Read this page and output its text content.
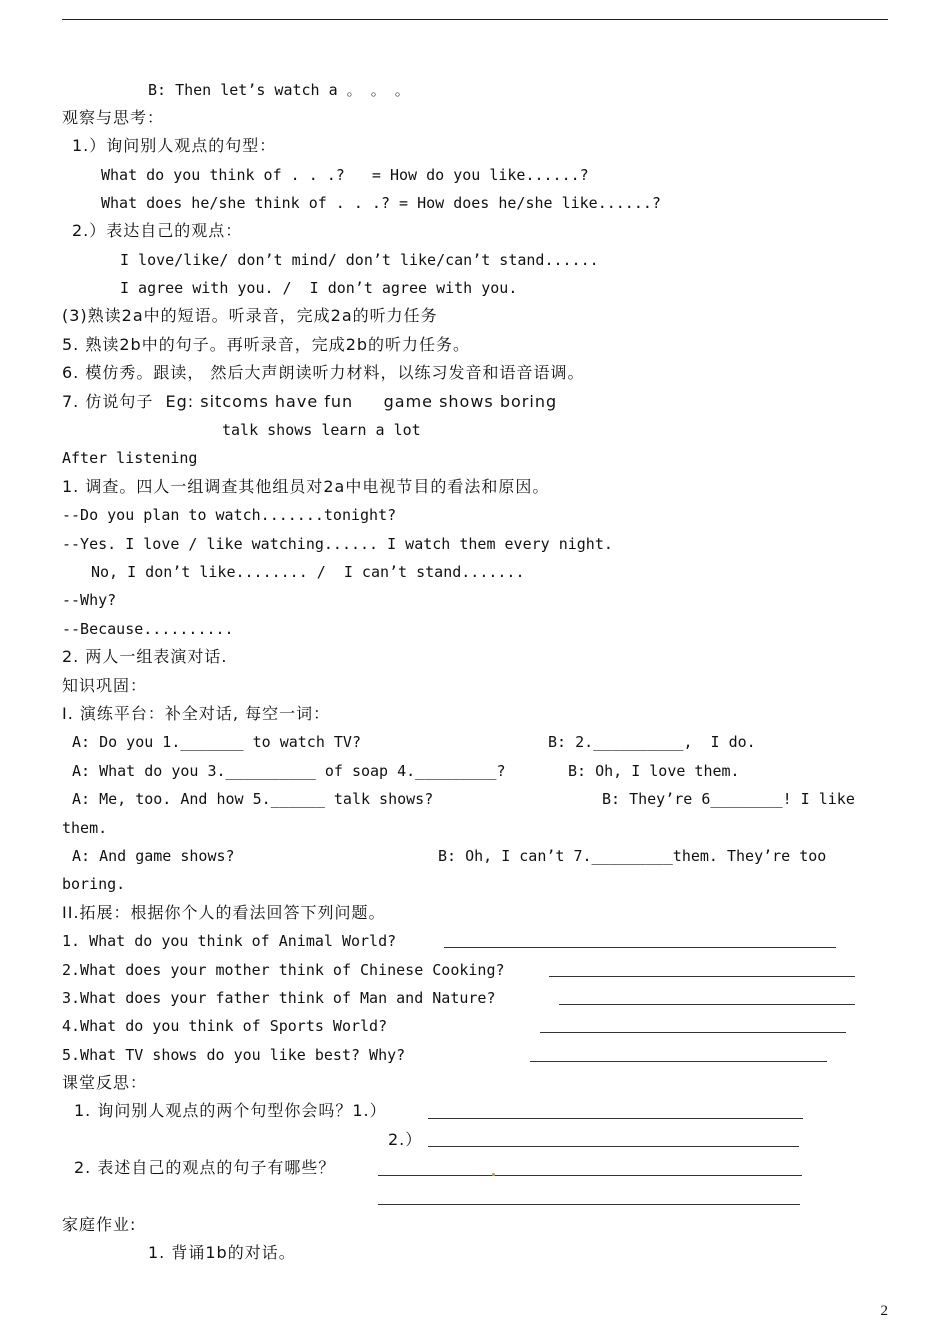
B: Then let’s watch a 。 。 。
观察与思考：
1.）询问别人观点的句型：
What do you think of . . .?   = How do you like......?
What does he/she think of . . .? = How does he/she like......?
2.）表达自己的观点：
I love/like/ don’t mind/ don’t like/can’t stand......
I agree with you. /  I don’t agree with you.
(3)熟读2a中的短语。听录音，完成2a的听力任务
5. 熟读2b中的句子。再听录音，完成2b的听力任务。
6. 模仿秀。跟读， 然后大声朗读听力材料，以练习发音和语音语调。
7. 仿说句子  Eg: sitcoms have fun     game shows boring
talk shows learn a lot
After listening
1. 调查。四人一组调查其他组员对2a中电视节目的看法和原因。
--Do you plan to watch.......tonight?
--Yes. I love / like watching...... I watch them every night.
No, I don’t like........ /  I can’t stand.......
--Why?
--Because..........
2. 两人一组表演对话.
知识巩固：
I. 演练平台：补全对话, 每空一词：
A: Do you 1._______ to watch TV?	B: 2.__________,  I do.
A: What do you 3.__________ of soap 4._________?	B: Oh, I love them.
A: Me, too. And how 5.______ talk shows?	B: They’re 6________! I like
them.
A: And game shows?	B: Oh, I can’t 7._________them. They’re too
boring.
II.拓展：根据你个人的看法回答下列问题。
1. What do you think of Animal World?
2.What does your mother think of Chinese Cooking?
3.What does your father think of Man and Nature?
4.What do you think of Sports World?
5.What TV shows do you like best? Why?
课堂反思：
1. 询问别人观点的两个句型你会吗？1.）
2.）
2. 表述自己的观点的句子有哪些？
家庭作业:
1. 背诵1b的对话。
2
